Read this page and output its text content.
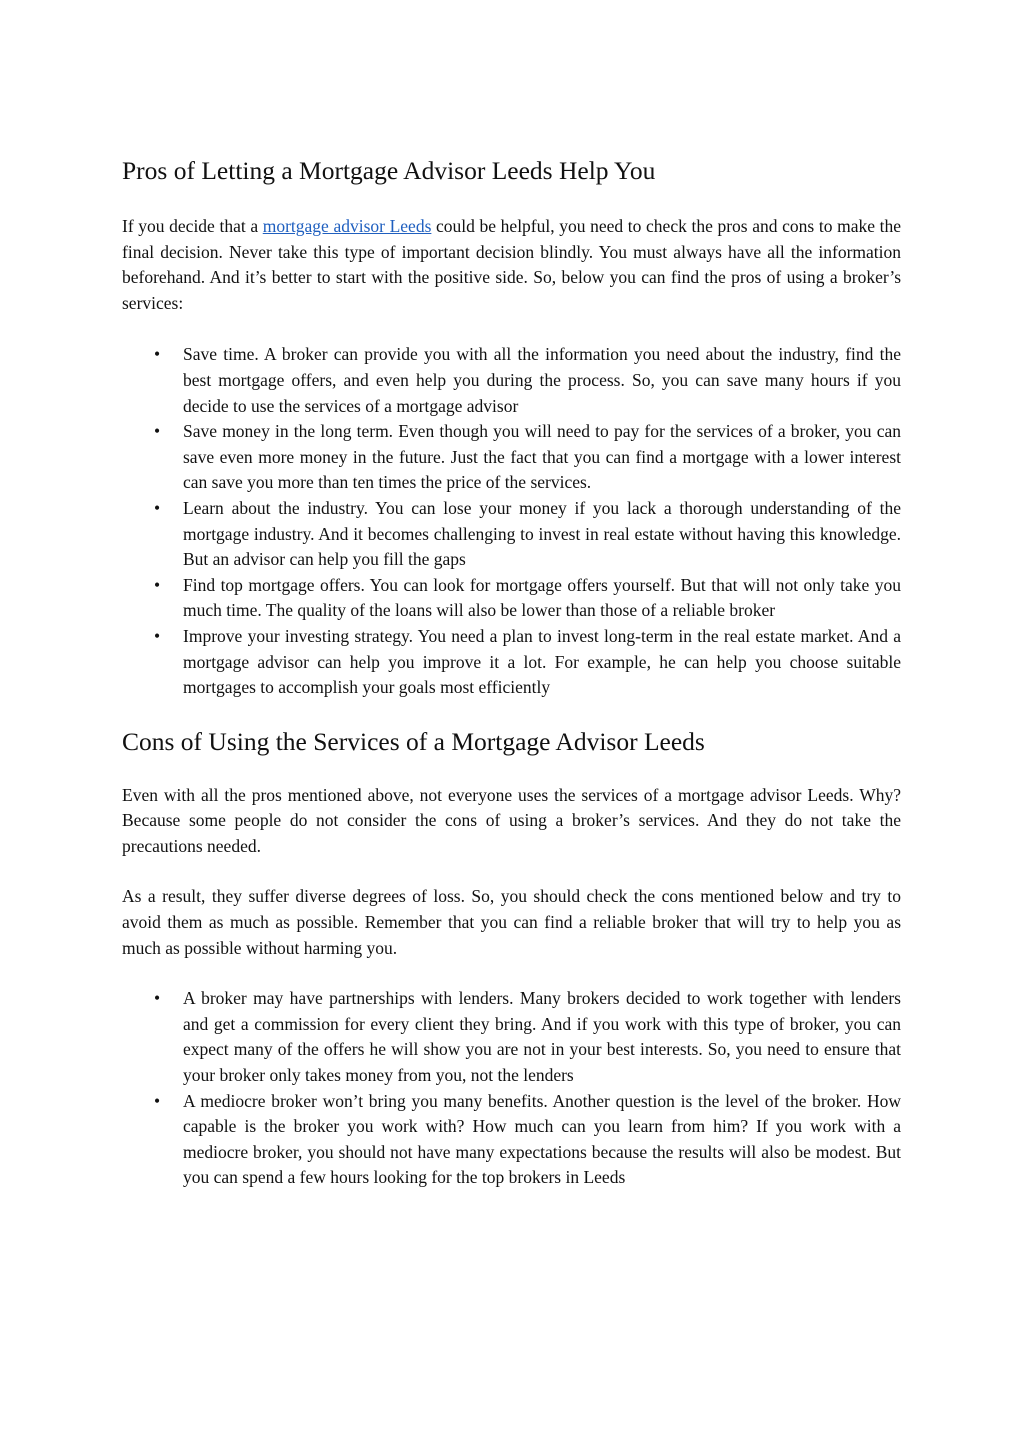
Pros of Letting a Mortgage Advisor Leeds Help You

If you decide that a mortgage advisor Leeds could be helpful, you need to check the pros and cons to make the final decision. Never take this type of important decision blindly. You must always have all the information beforehand. And it’s better to start with the positive side. So, below you can find the pros of using a broker’s services:

• Save time. A broker can provide you with all the information you need about the industry, find the best mortgage offers, and even help you during the process. So, you can save many hours if you decide to use the services of a mortgage advisor
• Save money in the long term. Even though you will need to pay for the services of a broker, you can save even more money in the future. Just the fact that you can find a mortgage with a lower interest can save you more than ten times the price of the services.
• Learn about the industry. You can lose your money if you lack a thorough understanding of the mortgage industry. And it becomes challenging to invest in real estate without having this knowledge. But an advisor can help you fill the gaps
• Find top mortgage offers. You can look for mortgage offers yourself. But that will not only take you much time. The quality of the loans will also be lower than those of a reliable broker
• Improve your investing strategy. You need a plan to invest long-term in the real estate market. And a mortgage advisor can help you improve it a lot. For example, he can help you choose suitable mortgages to accomplish your goals most efficiently
Cons of Using the Services of a Mortgage Advisor Leeds

Even with all the pros mentioned above, not everyone uses the services of a mortgage advisor Leeds. Why? Because some people do not consider the cons of using a broker’s services. And they do not take the precautions needed.

As a result, they suffer diverse degrees of loss. So, you should check the cons mentioned below and try to avoid them as much as possible. Remember that you can find a reliable broker that will try to help you as much as possible without harming you.

• A broker may have partnerships with lenders. Many brokers decided to work together with lenders and get a commission for every client they bring. And if you work with this type of broker, you can expect many of the offers he will show you are not in your best interests. So, you need to ensure that your broker only takes money from you, not the lenders
• A mediocre broker won’t bring you many benefits. Another question is the level of the broker. How capable is the broker you work with? How much can you learn from him? If you work with a mediocre broker, you should not have many expectations because the results will also be modest. But you can spend a few hours looking for the top brokers in Leeds
